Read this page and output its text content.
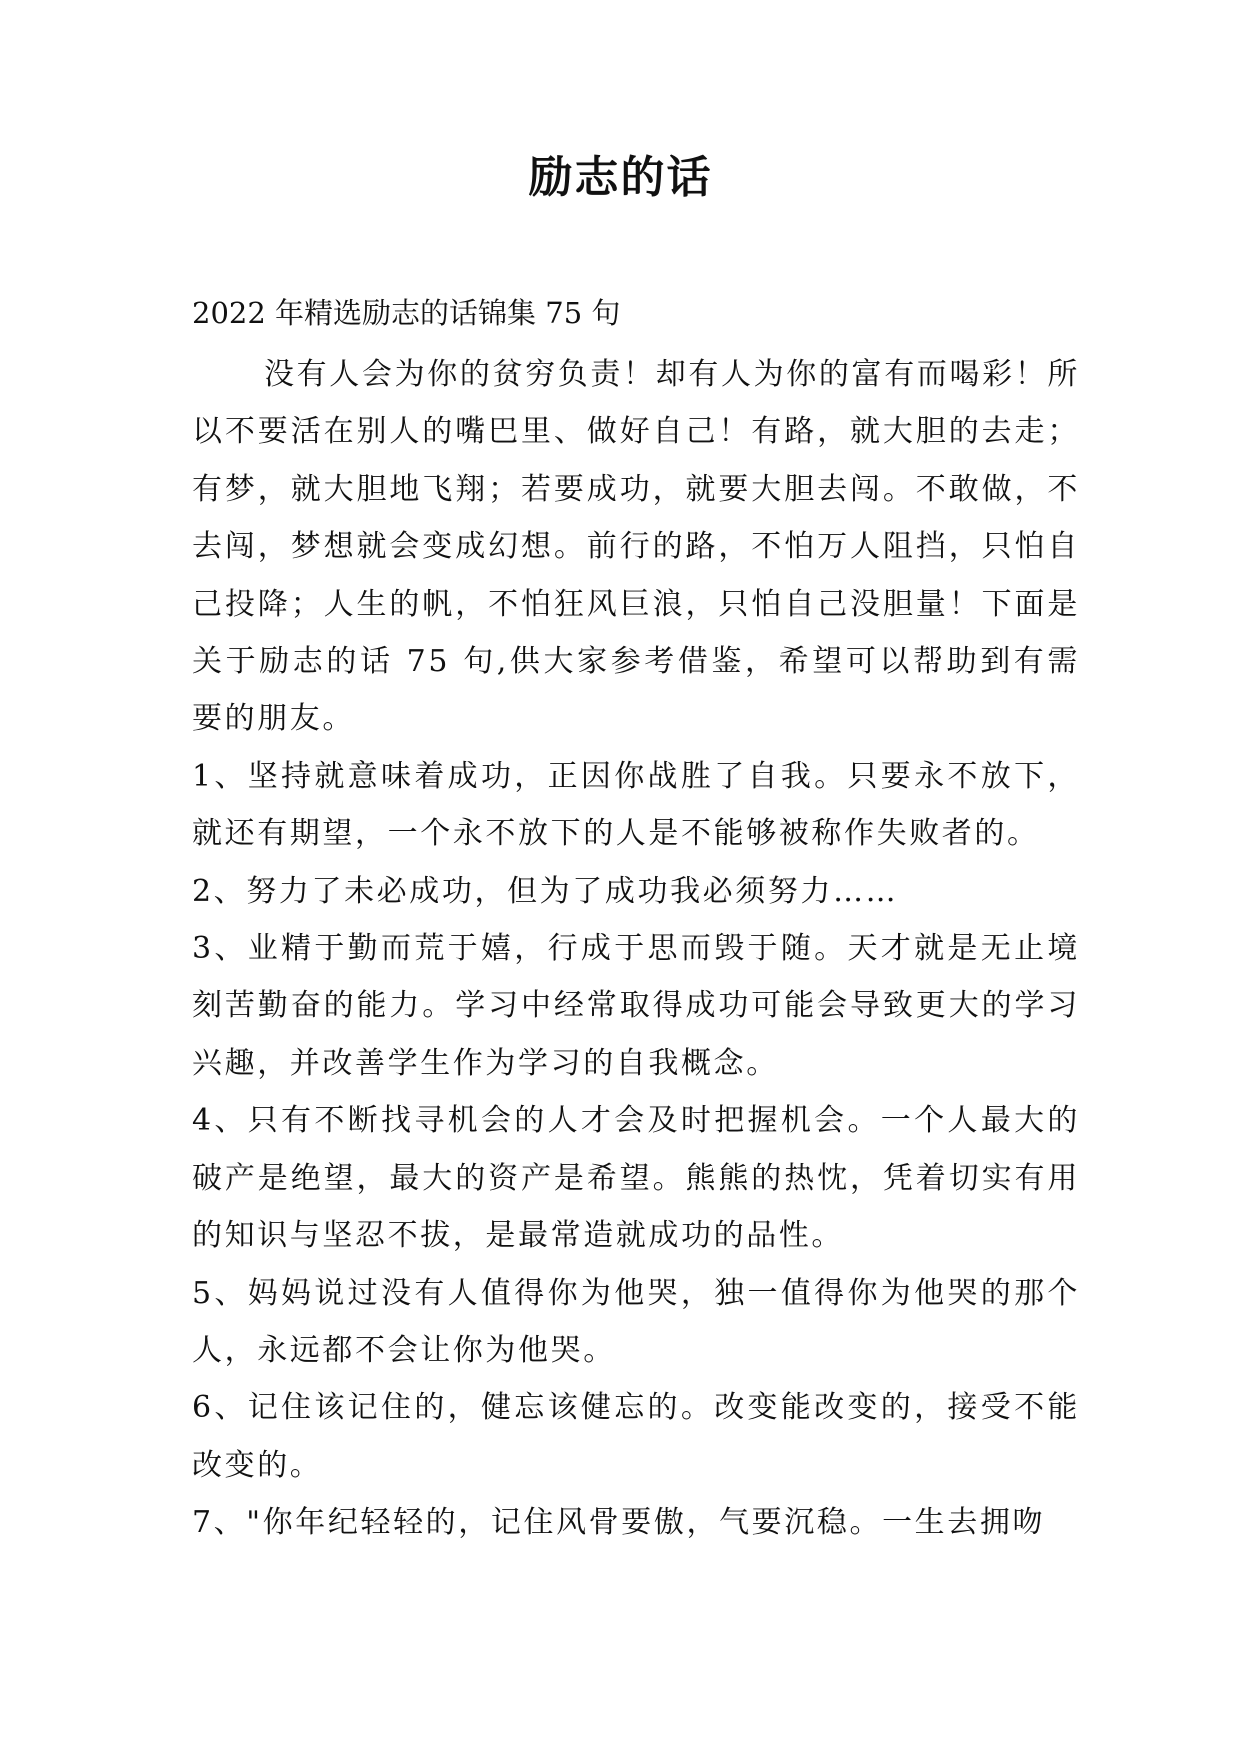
励志的话
2022 年精选励志的话锦集 75 句

没有人会为你的贫穷负责！却有人为你的富有而喝彩！所以不要活在别人的嘴巴里、做好自己！有路，就大胆的去走；有梦，就大胆地飞翔；若要成功，就要大胆去闯。不敢做，不去闯，梦想就会变成幻想。前行的路，不怕万人阻挡，只怕自己投降；人生的帆，不怕狂风巨浪，只怕自己没胆量！下面是关于励志的话 75 句,供大家参考借鉴，希望可以帮助到有需要的朋友。

1、坚持就意味着成功，正因你战胜了自我。只要永不放下，就还有期望，一个永不放下的人是不能够被称作失败者的。

2、努力了未必成功，但为了成功我必须努力……

3、业精于勤而荒于嬉，行成于思而毁于随。天才就是无止境刻苦勤奋的能力。学习中经常取得成功可能会导致更大的学习兴趣，并改善学生作为学习的自我概念。

4、只有不断找寻机会的人才会及时把握机会。一个人最大的破产是绝望，最大的资产是希望。熊熊的热忱，凭着切实有用的知识与坚忍不拔，是最常造就成功的品性。

5、妈妈说过没有人值得你为他哭，独一值得你为他哭的那个人，永远都不会让你为他哭。

6、记住该记住的，健忘该健忘的。改变能改变的，接受不能改变的。

7、"你年纪轻轻的，记住风骨要傲，气要沉稳。一生去拥吻
